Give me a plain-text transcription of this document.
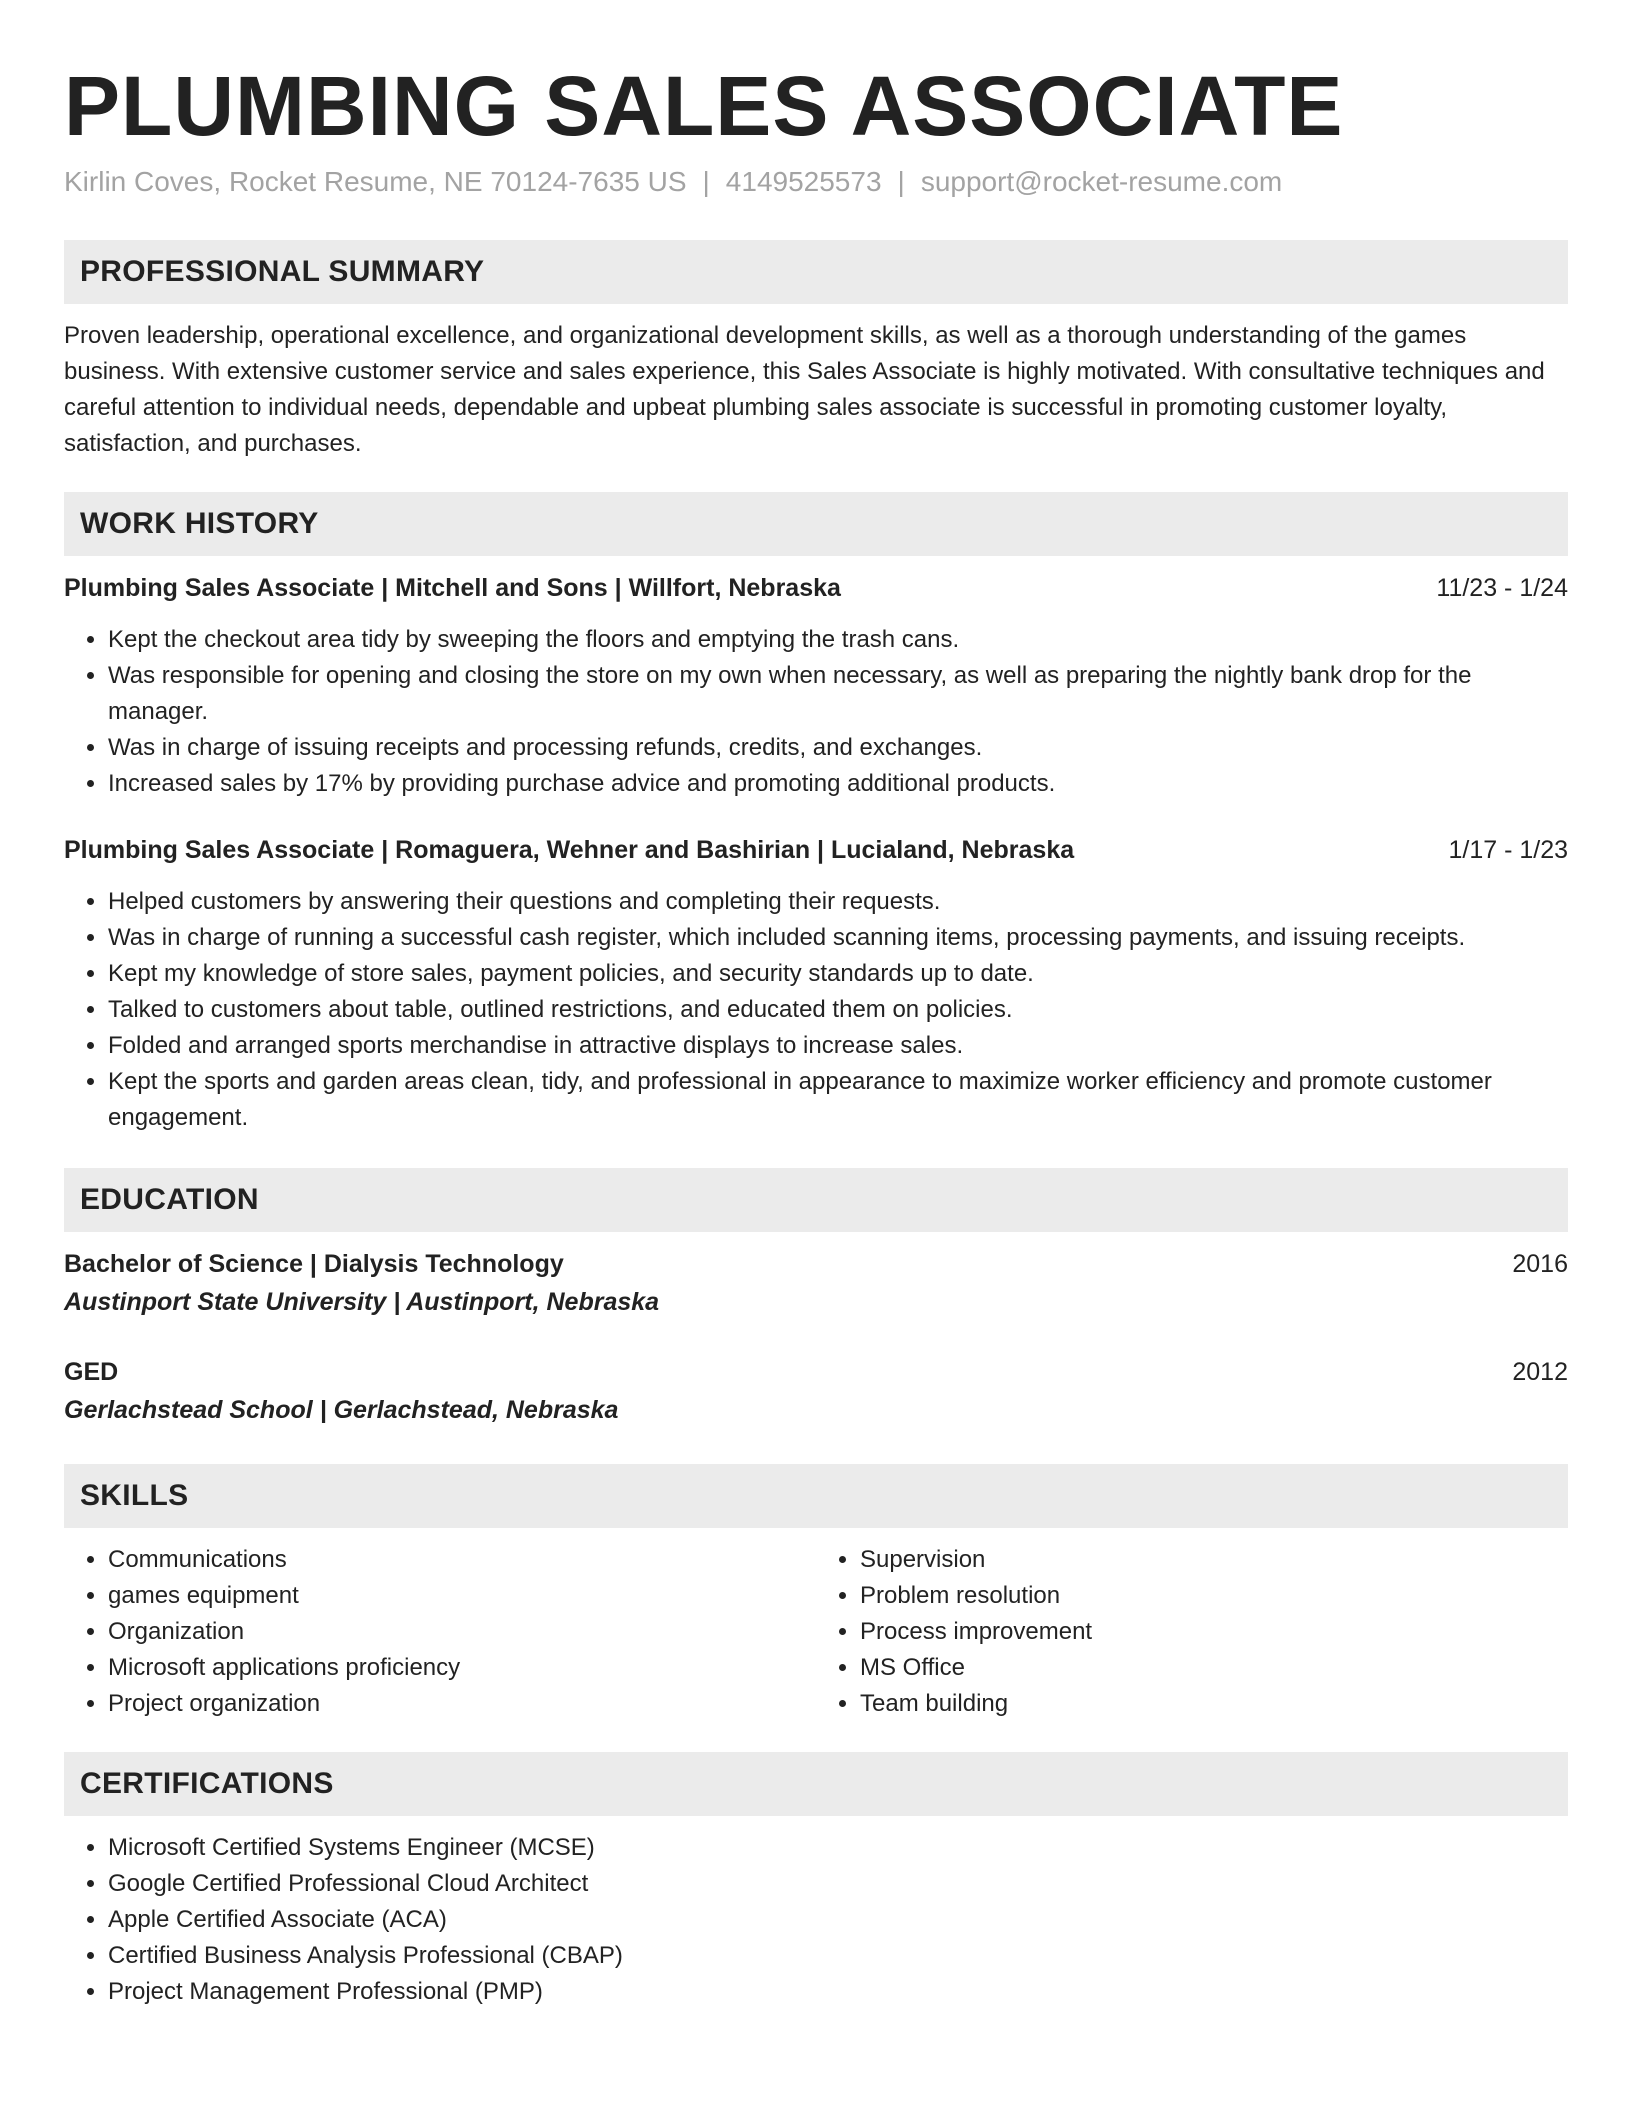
PLUMBING SALES ASSOCIATE
Kirlin Coves, Rocket Resume, NE 70124-7635 US | 4149525573 | support@rocket-resume.com
PROFESSIONAL SUMMARY

Proven leadership, operational excellence, and organizational development skills, as well as a thorough understanding of the games business. With extensive customer service and sales experience, this Sales Associate is highly motivated. With consultative techniques and careful attention to individual needs, dependable and upbeat plumbing sales associate is successful in promoting customer loyalty, satisfaction, and purchases.

WORK HISTORY
Plumbing Sales Associate | Mitchell and Sons | Willfort, Nebraska	11/23 - 1/24
• Kept the checkout area tidy by sweeping the floors and emptying the trash cans.
• Was responsible for opening and closing the store on my own when necessary, as well as preparing the nightly bank drop for the manager.
• Was in charge of issuing receipts and processing refunds, credits, and exchanges.
• Increased sales by 17% by providing purchase advice and promoting additional products.
Plumbing Sales Associate | Romaguera, Wehner and Bashirian | Lucialand, Nebraska	1/17 - 1/23
• Helped customers by answering their questions and completing their requests.
• Was in charge of running a successful cash register, which included scanning items, processing payments, and issuing receipts.
• Kept my knowledge of store sales, payment policies, and security standards up to date.
• Talked to customers about table, outlined restrictions, and educated them on policies.
• Folded and arranged sports merchandise in attractive displays to increase sales.
• Kept the sports and garden areas clean, tidy, and professional in appearance to maximize worker efficiency and promote customer engagement.
EDUCATION
Bachelor of Science | Dialysis Technology	2016
Austinport State University | Austinport, Nebraska
GED	2012
Gerlachstead School | Gerlachstead, Nebraska
SKILLS
• Communications
• games equipment
• Organization
• Microsoft applications proficiency
• Project organization
• Supervision
• Problem resolution
• Process improvement
• MS Office
• Team building
CERTIFICATIONS
• Microsoft Certified Systems Engineer (MCSE)
• Google Certified Professional Cloud Architect
• Apple Certified Associate (ACA)
• Certified Business Analysis Professional (CBAP)
• Project Management Professional (PMP)
